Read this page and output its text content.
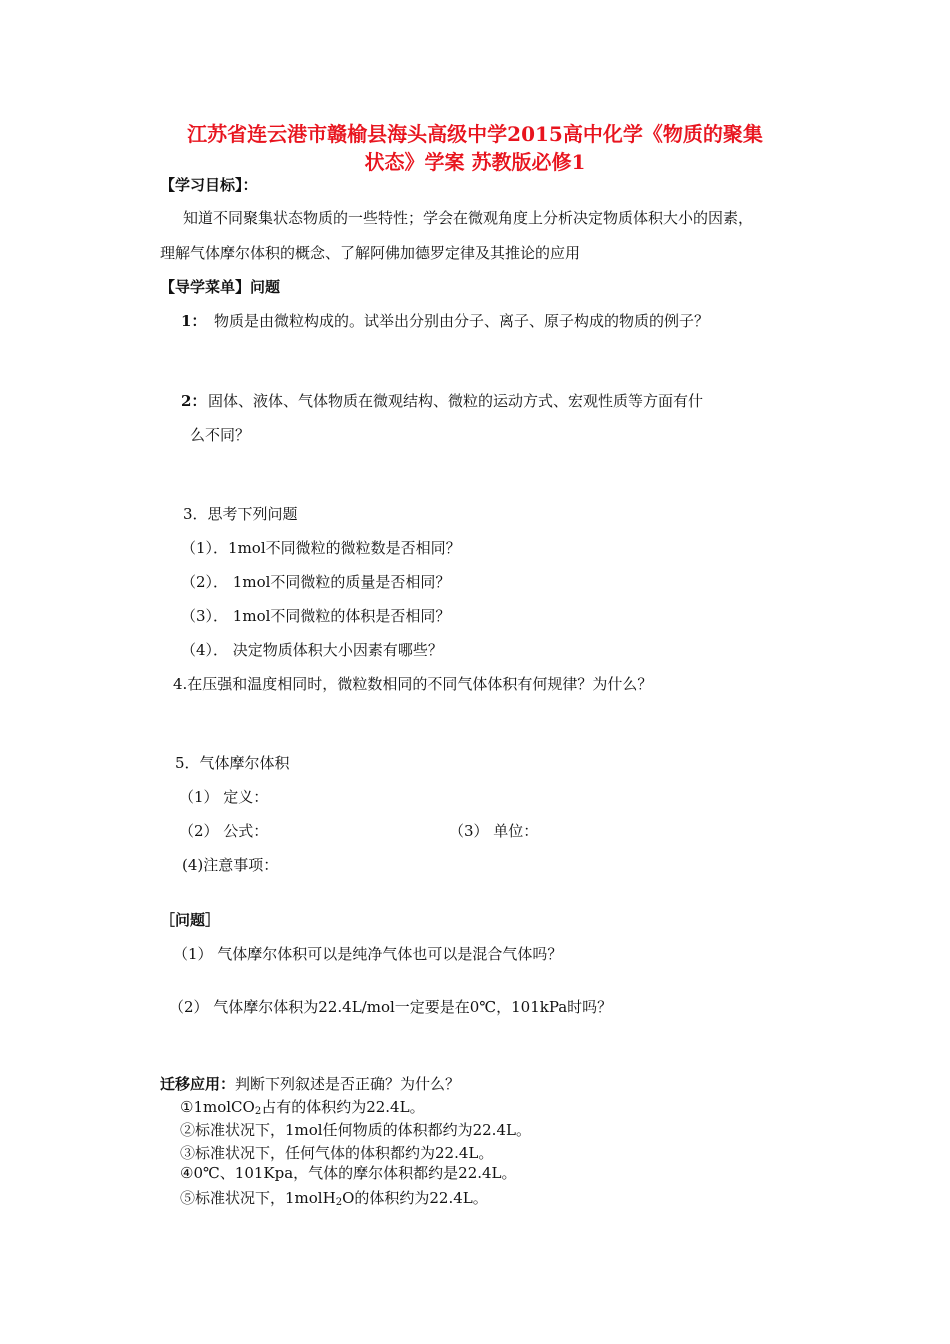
江苏省连云港市赣榆县海头高级中学2015高中化学《物质的聚集
状态》学案 苏教版必修1
【学习目标】：
知道不同聚集状态物质的一些特性；学会在微观角度上分析决定物质体积大小的因素，
理解气体摩尔体积的概念、了解阿佛加德罗定律及其推论的应用
【导学菜单】问题
1： 物质是由微粒构成的。试举出分别由分子、离子、原子构成的物质的例子？
2： 固体、液体、气体物质在微观结构、微粒的运动方式、宏观性质等方面有什
么不同？
3．思考下列问题
（1）．1mol不同微粒的微粒数是否相同？
（2）． 1mol不同微粒的质量是否相同？
（3）． 1mol不同微粒的体积是否相同？
（4）． 决定物质体积大小因素有哪些？
4.在压强和温度相同时，微粒数相同的不同气体体积有何规律？为什么？
5．气体摩尔体积
（1） 定义：
（2） 公式：	（3） 单位：
(4)注意事项：
［问题］
（1） 气体摩尔体积可以是纯净气体也可以是混合气体吗？
（2） 气体摩尔体积为22.4L/mol一定要是在0℃，101kPa时吗？
迁移应用：判断下列叙述是否正确？为什么？
①1molCO$_2$占有的体积约为22.4L。
②标准状况下，1mol任何物质的体积都约为22.4L。
③标准状况下，任何气体的体积都约为22.4L。
④0℃、101Kpa，气体的摩尔体积都约是22.4L。
⑤标准状况下，1molH$_2$O的体积约为22.4L。
